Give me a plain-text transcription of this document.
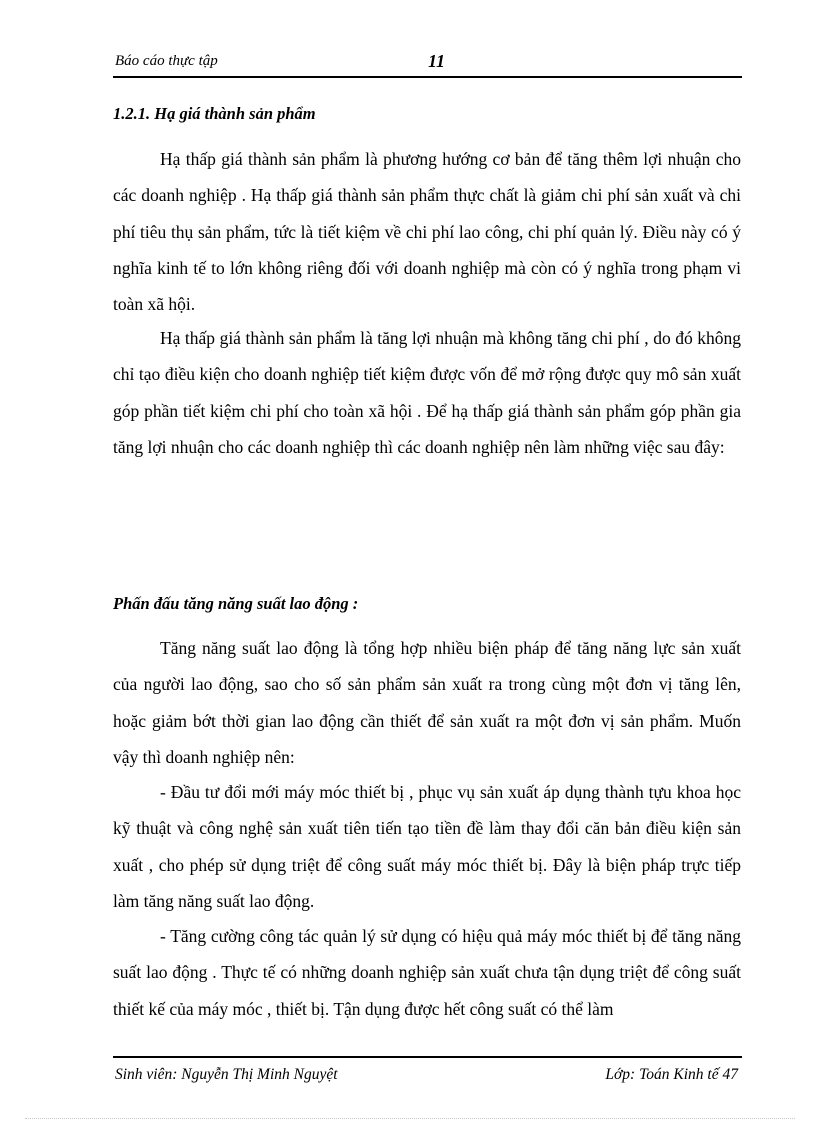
Báo cáo thực tập	11
1.2.1. Hạ giá thành sản phẩm

Hạ thấp giá thành sản phẩm là phương hướng cơ bản để tăng thêm lợi nhuận cho các doanh nghiệp . Hạ thấp giá thành sản phẩm thực chất là giảm chi phí sản xuất và chi phí tiêu thụ sản phẩm, tức là tiết kiệm về chi phí lao công, chi phí quản lý. Điều này có ý nghĩa kinh tế to lớn không riêng đối với doanh nghiệp mà còn có ý nghĩa trong phạm vi toàn xã hội.

Hạ thấp giá thành sản phẩm là tăng lợi nhuận mà không tăng chi phí , do đó không chỉ tạo điều kiện cho doanh nghiệp tiết kiệm được vốn để mở rộng được quy mô sản xuất góp phần tiết kiệm chi phí cho toàn xã hội . Để hạ thấp giá thành sản phẩm góp phần gia tăng lợi nhuận cho các doanh nghiệp thì các doanh nghiệp nên làm những việc sau đây:

Phấn đấu tăng năng suất lao động :

Tăng năng suất lao động là tổng hợp nhiều biện pháp để tăng năng lực sản xuất của người lao động, sao cho số sản phẩm sản xuất ra trong cùng một đơn vị tăng lên, hoặc giảm bớt thời gian lao động cần thiết để sản xuất ra một đơn vị sản phẩm. Muốn vậy thì doanh nghiệp nên:

- Đầu tư đổi mới máy móc thiết bị , phục vụ sản xuất áp dụng thành tựu khoa học kỹ thuật và công nghệ sản xuất tiên tiến tạo tiền đề làm thay đổi căn bản điều kiện sản xuất , cho phép sử dụng triệt để công suất máy móc thiết bị. Đây là biện pháp trực tiếp làm tăng năng suất lao động.

- Tăng cường công tác quản lý sử dụng có hiệu quả máy móc thiết bị để tăng năng suất lao động . Thực tế có những doanh nghiệp sản xuất chưa tận dụng triệt để công suất thiết kế của máy móc , thiết bị. Tận dụng được hết công suất có thể làm

Sinh viên: Nguyễn Thị Minh Nguyệt	Lớp: Toán Kinh tế 47
